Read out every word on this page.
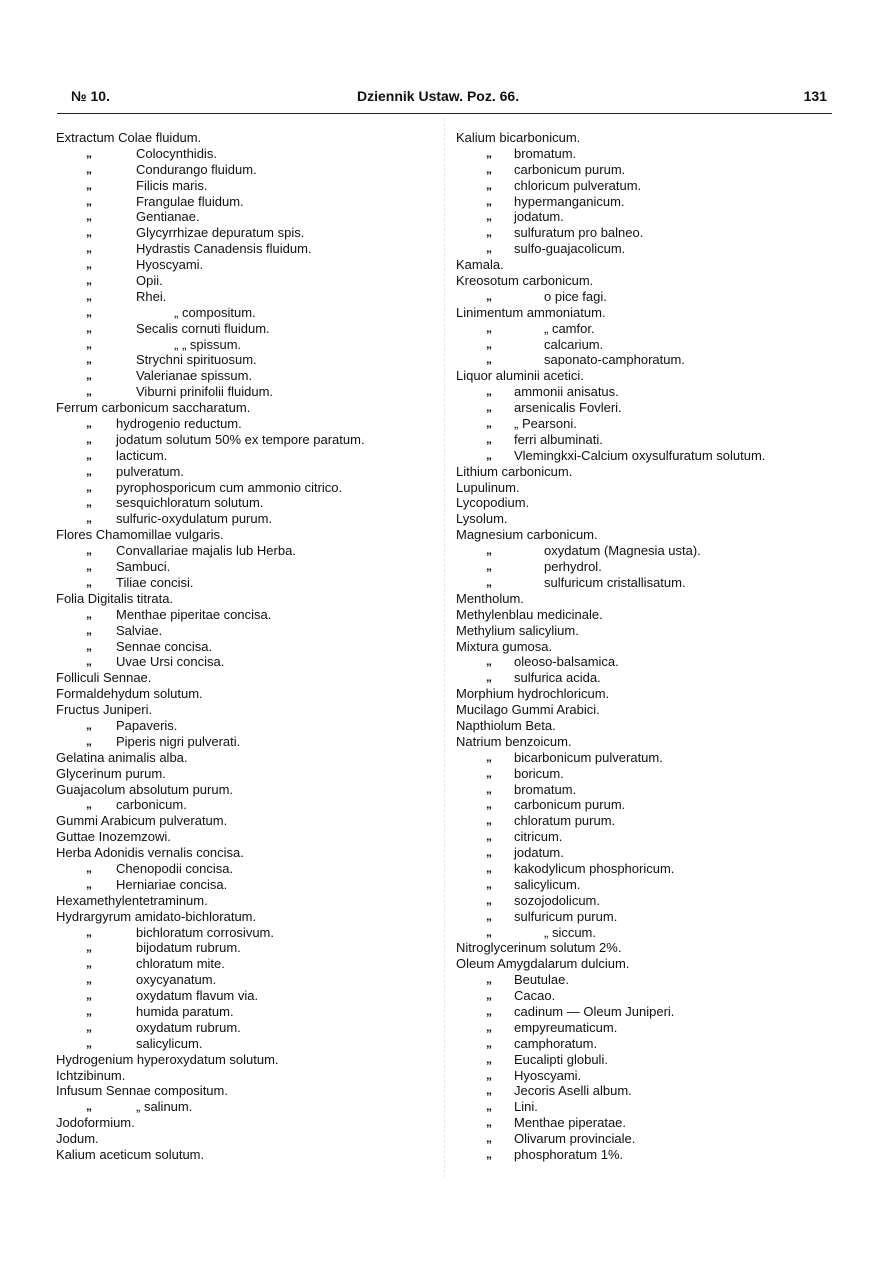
№ 10.	Dziennik Ustaw. Poz. 66.	131
Extractum Colae fluidum.
„	Colocynthidis.
„	Condurango fluidum.
„	Filicis maris.
„	Frangulae fluidum.
„	Gentianae.
„	Glycyrrhizae depuratum spis.
„	Hydrastis Canadensis fluidum.
„	Hyoscyami.
„	Opii.
„	Rhei.
„	„ compositum.
„	Secalis cornuti fluidum.
„	„ „ spissum.
„	Strychni spirituosum.
„	Valerianae spissum.
„	Viburni prinifolii fluidum.
Ferrum carbonicum saccharatum.
„	hydrogenio reductum.
„	jodatum solutum 50% ex tempore paratum.
„	lacticum.
„	pulveratum.
„	pyrophosporicum cum ammonio citrico.
„	sesquichloratum solutum.
„	sulfuric-oxydulatum purum.
Flores Chamomillae vulgaris.
„	Convallariae majalis lub Herba.
„	Sambuci.
„	Tiliae concisi.
Folia Digitalis titrata.
„	Menthae piperitae concisa.
„	Salviae.
„	Sennae concisa.
„	Uvae Ursi concisa.
Folliculi Sennae.
Formaldehydum solutum.
Fructus Juniperi.
„	Papaveris.
„	Piperis nigri pulverati.
Gelatina animalis alba.
Glycerinum purum.
Guajacolum absolutum purum.
„	carbonicum.
Gummi Arabicum pulveratum.
Guttae Inozemzowi.
Herba Adonidis vernalis concisa.
„	Chenopodii concisa.
„	Herniariae concisa.
Hexamethylentetraminum.
Hydrargyrum amidato-bichloratum.
„	bichloratum corrosivum.
„	bijodatum rubrum.
„	chloratum mite.
„	oxycyanatum.
„	oxydatum flavum via.
„	humida paratum.
„	oxydatum rubrum.
„	salicylicum.
Hydrogenium hyperoxydatum solutum.
Ichtzibinum.
Infusum Sennae compositum.
„	„ salinum.
Jodoformium.
Jodum.
Kalium aceticum solutum.
Kalium bicarbonicum.
„	bromatum.
„	carbonicum purum.
„	chloricum pulveratum.
„	hypermanganicum.
„	jodatum.
„	sulfuratum pro balneo.
„	sulfo-guajacolicum.
Kamala.
Kreosotum carbonicum.
„	o pice fagi.
Linimentum ammoniatum.
„	„ camfor.
„	calcarium.
„	saponato-camphoratum.
Liquor aluminii acetici.
„	ammonii anisatus.
„	arsenicalis Fovleri.
„	„ Pearsoni.
„	ferri albuminati.
„	Vlemingkxi-Calcium oxysulfuratum solutum.
Lithium carbonicum.
Lupulinum.
Lycopodium.
Lysolum.
Magnesium carbonicum.
„	oxydatum (Magnesia usta).
„	perhydrol.
„	sulfuricum cristallisatum.
Mentholum.
Methylenblau medicinale.
Methylium salicylium.
Mixtura gumosa.
„	oleoso-balsamica.
„	sulfurica acida.
Morphium hydrochloricum.
Mucilago Gummi Arabici.
Napthiolum Beta.
Natrium benzoicum.
„	bicarbonicum pulveratum.
„	boricum.
„	bromatum.
„	carbonicum purum.
„	chloratum purum.
„	citricum.
„	jodatum.
„	kakodylicum phosphoricum.
„	salicylicum.
„	sozojodolicum.
„	sulfuricum purum.
„	„ siccum.
Nitroglycerinum solutum 2%.
Oleum Amygdalarum dulcium.
„	Beutulae.
„	Cacao.
„	cadinum — Oleum Juniperi.
„	empyreumaticum.
„	camphoratum.
„	Eucalipti globuli.
„	Hyoscyami.
„	Jecoris Aselli album.
„	Lini.
„	Menthae piperatae.
„	Olivarum provinciale.
„	phosphoratum 1%.
